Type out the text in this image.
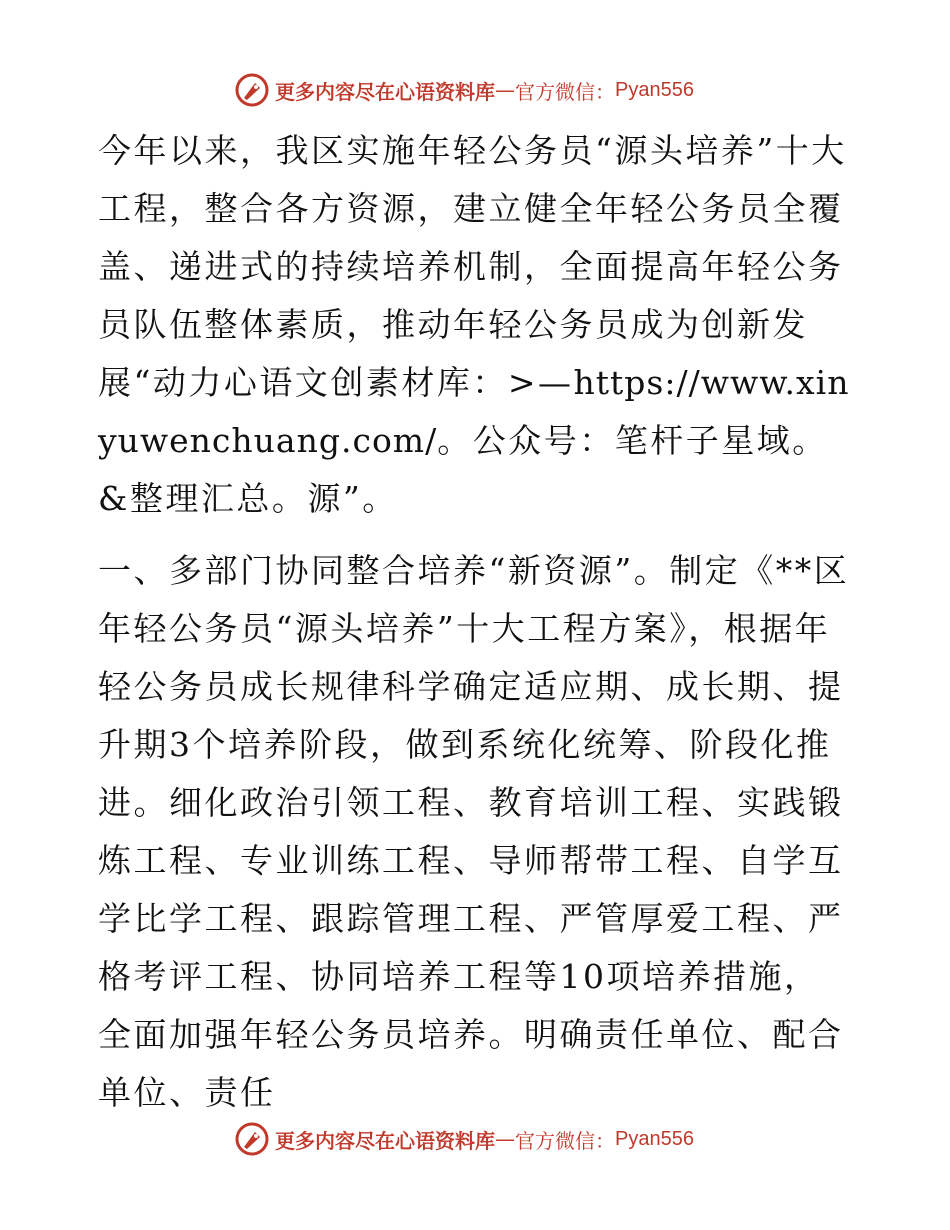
更多内容尽在心语资料库 — 官方微信： Pyan556

今年以来，我区实施年轻公务员“源头培养”十大工程，整合各方资源，建立健全年轻公务员全覆盖、递进式的持续培养机制，全面提高年轻公务员队伍整体素质，推动年轻公务员成为创新发展“动力心语文创素材库：>—https://www.xinyuwenchuang.com/。公众号：笔杆子星域。&整理汇总。源”。

一、多部门协同整合培养“新资源”。制定《**区年轻公务员“源头培养”十大工程方案》，根据年轻公务员成长规律科学确定适应期、成长期、提升期3个培养阶段，做到系统化统筹、阶段化推进。细化政治引领工程、教育培训工程、实践锻炼工程、专业训练工程、导师帮带工程、自学互学比学工程、跟踪管理工程、严管厚爱工程、严格考评工程、协同培养工程等10项培养措施，全面加强年轻公务员培养。明确责任单位、配合单位、责任

更多内容尽在心语资料库 — 官方微信： Pyan556
